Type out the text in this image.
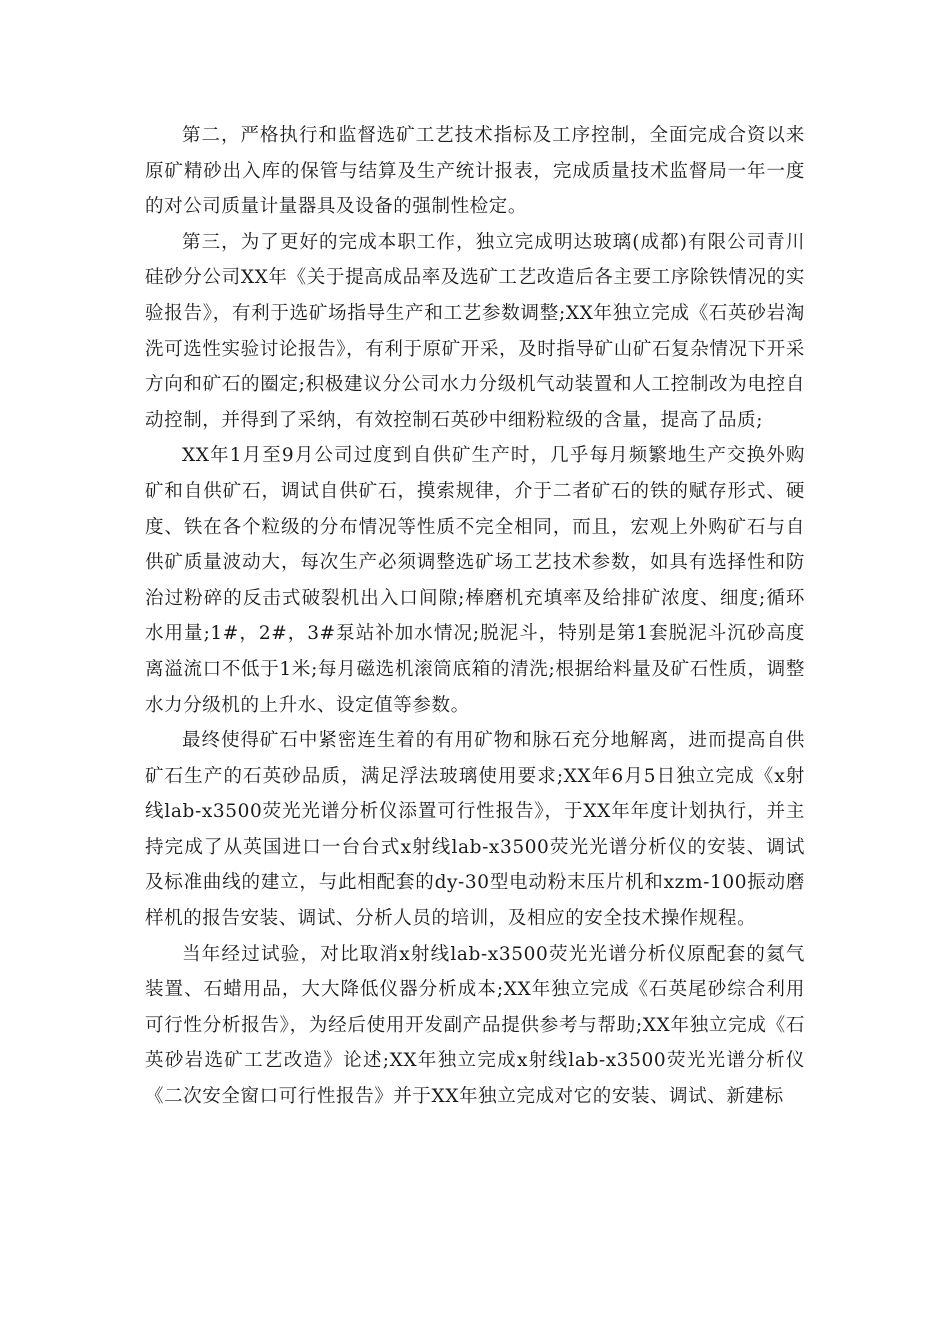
第二，严格执行和监督选矿工艺技术指标及工序控制，全面完成合资以来原矿精砂出入库的保管与结算及生产统计报表，完成质量技术监督局一年一度的对公司质量计量器具及设备的强制性检定。

第三，为了更好的完成本职工作，独立完成明达玻璃(成都)有限公司青川硅砂分公司XX年《关于提高成品率及选矿工艺改造后各主要工序除铁情况的实验报告》，有利于选矿场指导生产和工艺参数调整;XX年独立完成《石英砂岩淘洗可选性实验讨论报告》，有利于原矿开采，及时指导矿山矿石复杂情况下开采方向和矿石的圈定;积极建议分公司水力分级机气动装置和人工控制改为电控自动控制，并得到了采纳，有效控制石英砂中细粉粒级的含量，提高了品质;

XX年1月至9月公司过度到自供矿生产时，几乎每月频繁地生产交换外购矿和自供矿石，调试自供矿石，摸索规律，介于二者矿石的铁的赋存形式、硬度、铁在各个粒级的分布情况等性质不完全相同，而且，宏观上外购矿石与自供矿质量波动大，每次生产必须调整选矿场工艺技术参数，如具有选择性和防治过粉碎的反击式破裂机出入口间隙;棒磨机充填率及给排矿浓度、细度;循环水用量;1#，2#，3#泵站补加水情况;脱泥斗，特别是第1套脱泥斗沉砂高度离溢流口不低于1米;每月磁选机滚筒底箱的清洗;根据给料量及矿石性质，调整水力分级机的上升水、设定值等参数。

最终使得矿石中紧密连生着的有用矿物和脉石充分地解离，进而提高自供矿石生产的石英砂品质，满足浮法玻璃使用要求;XX年6月5日独立完成《x射线lab-x3500荧光光谱分析仪添置可行性报告》，于XX年年度计划执行，并主持完成了从英国进口一台台式x射线lab-x3500荧光光谱分析仪的安装、调试及标准曲线的建立，与此相配套的dy-30型电动粉末压片机和xzm-100振动磨样机的报告安装、调试、分析人员的培训，及相应的安全技术操作规程。

当年经过试验，对比取消x射线lab-x3500荧光光谱分析仪原配套的氦气装置、石蜡用品，大大降低仪器分析成本;XX年独立完成《石英尾砂综合利用可行性分析报告》，为经后使用开发副产品提供参考与帮助;XX年独立完成《石英砂岩选矿工艺改造》论述;XX年独立完成x射线lab-x3500荧光光谱分析仪《二次安全窗口可行性报告》并于XX年独立完成对它的安装、调试、新建标
